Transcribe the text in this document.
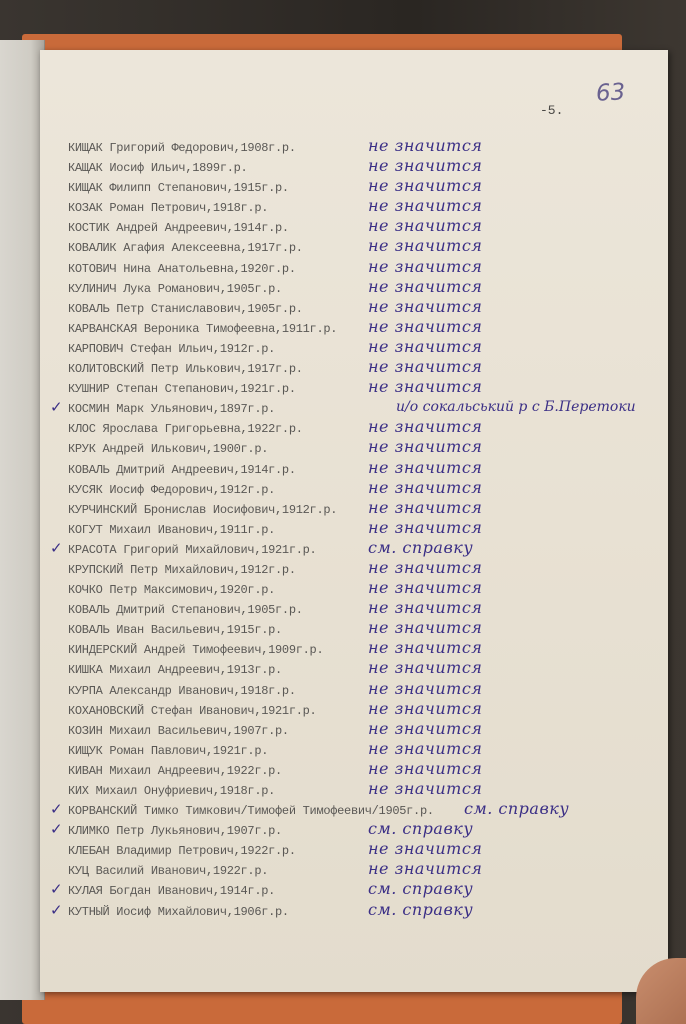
63
-5.
КИЩАК Григорий Федорович,1908г.р.	не значится
КАЩАК Иосиф Ильич,1899г.р.	не значится
КИЩАК Филипп Степанович,1915г.р.	не значится
КОЗАК Роман Петрович,1918г.р.	не значится
КОСТИК Андрей Андреевич,1914г.р.	не значится
КОВАЛИК Агафия Алексеевна,1917г.р.	не значится
КОТОВИЧ Нина Анатольевна,1920г.р.	не значится
КУЛИНИЧ Лука Романович,1905г.р.	не значится
КОВАЛЬ Петр Станиславович,1905г.р.	не значится
КАРВАНСКАЯ Вероника Тимофеевна,1911г.р. не значится
КАРПОВИЧ Стефан Ильич,1912г.р.	не значится
КОЛИТОВСКИЙ Петр Илькович,1917г.р.	не значится
КУШНИР Степан Степанович,1921г.р.	не значится
✓ КОСМИН Марк Ульянович,1897г.р.	и/о сокальський р с Б.Перетоки
КЛОС Ярослава Григорьевна,1922г.р.	не значится
КРУК Андрей Илькович,1900г.р.	не значится
КОВАЛЬ Дмитрий Андреевич,1914г.р.	не значится
КУСЯК Иосиф Федорович,1912г.р.	не значится
КУРЧИНСКИЙ Бронислав Иосифович,1912г.р. не значится
КОГУТ Михаил Иванович,1911г.р.	не значится
✓ КРАСОТА Григорий Михайлович,1921г.р.	см. справку
КРУПСКИЙ Петр Михайлович,1912г.р.	не значится
КОЧКО Петр Максимович,1920г.р.	не значится
КОВАЛЬ Дмитрий Степанович,1905г.р.	не значится
КОВАЛЬ Иван Васильевич,1915г.р.	не значится
КИНДЕРСКИЙ Андрей Тимофеевич,1909г.р.	не значится
КИШКА Михаил Андреевич,1913г.р.	не значится
КУРПА Александр Иванович,1918г.р.	не значится
КОХАНОВСКИЙ Стефан Иванович,1921г.р.	не значится
КОЗИН Михаил Васильевич,1907г.р.	не значится
КИЩУК Роман Павлович,1921г.р.	не значится
КИВАН Михаил Андреевич,1922г.р.	не значится
КИХ Михаил Онуфриевич,1918г.р.	не значится
✓ КОРВАНСКИЙ Тимко Тимкович/Тимофей Тимофеевич/1905г.р. см. справку
✓ КЛИМКО Петр Лукьянович,1907г.р.	см. справку
КЛЕБАН Владимир Петрович,1922г.р.	не значится
КУЦ Василий Иванович,1922г.р.	не значится
✓ КУЛАЯ Богдан Иванович,1914г.р.	см. справку
✓ КУТНЫЙ Иосиф Михайлович,1906г.р.	см. справку
